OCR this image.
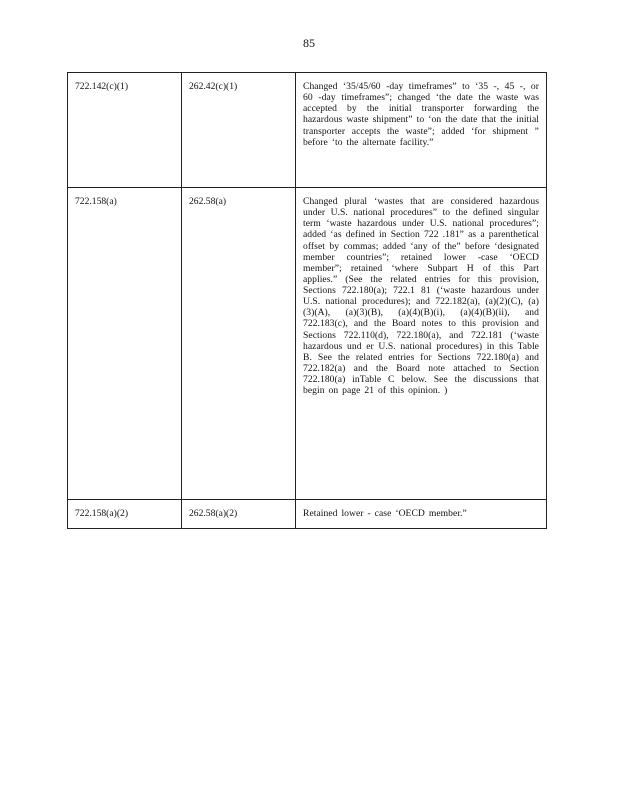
85
722.142(c)(1)	262.42(c)(1)	Changed ‘35/45/60 -day timeframes” to ‘35 -, 45 -, or 60 -day timeframes”; changed ‘the date the waste was accepted by the initial transporter forwarding the hazardous waste shipment” to ‘on the date that the initial transporter accepts the waste”; added ‘for shipment ” before ‘to the alternate facility.”
722.158(a)	262.58(a)	Changed plural ‘wastes that are considered hazardous under U.S. national procedures” to the defined singular term ‘waste hazardous under U.S. national procedures”; added ‘as defined in Section 722 .181” as a parenthetical offset by commas; added ‘any of the” before ‘designated member countries”; retained lower -case ‘OECD member”; retained ‘where Subpart H of this Part applies.” (See the related entries for this provision, Sections 722.180(a); 722.1 81 (‘waste hazardous under U.S. national procedures); and 722.182(a), (a)(2)(C), (a)(3)(A), (a)(3)(B), (a)(4)(B)(i), (a)(4)(B)(ii), and 722.183(c), and the Board notes to this provision and Sections 722.110(d), 722.180(a), and 722.181 (‘waste hazardous und er U.S. national procedures) in this Table B. See the related entries for Sections 722.180(a) and 722.182(a) and the Board note attached to Section 722.180(a) inTable C below. See the discussions that begin on page 21 of this opinion. )
722.158(a)(2)	262.58(a)(2)	Retained lower - case ‘OECD member.”
